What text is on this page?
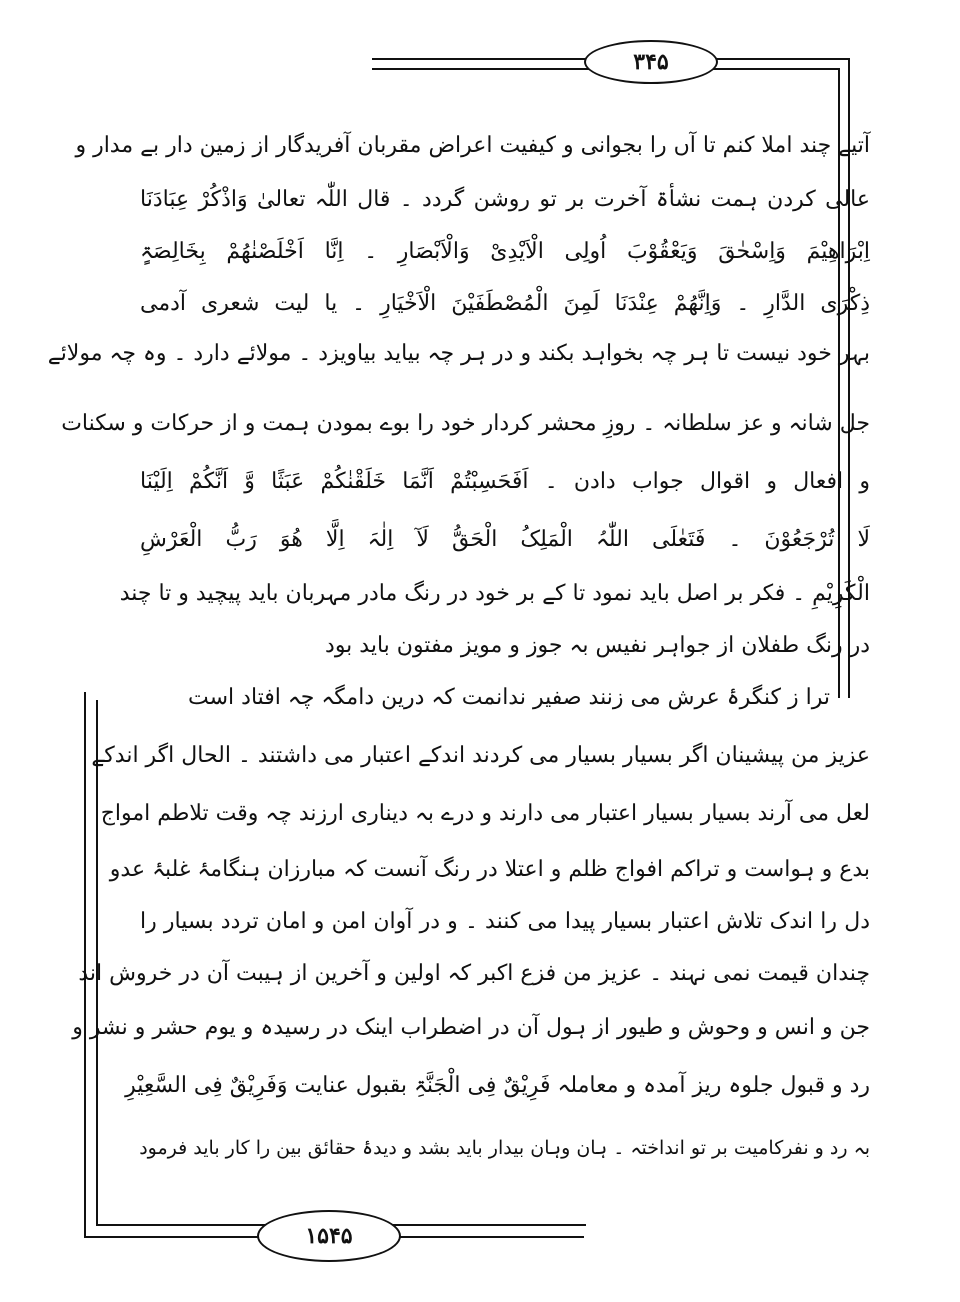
۳۴۵
۱۵۴۵
آتیے چند املا کنم تا آں را بجوانی و کیفیت اعراض مقربان آفریدگار از زمین دار بے مدار و
عالی کردن ہمت نشأۃ آخرت بر تو روشن گردد ۔ قال اللّٰہ تعالیٰ وَاذْکُرْ عِبَادَنَا
اِبْرَاھِیْمَ وَاِسْحٰقَ وَیَعْقُوْبَ اُولِی الْاَیْدِیْ وَالْاَبْصَارِ ۔ اِنَّا اَخْلَصْنٰھُمْ بِخَالِصَۃٍ
ذِکْرَی الدَّارِ ۔ وَاِنَّھُمْ عِنْدَنَا لَمِنَ الْمُصْطَفَیْنَ الْاَخْیَارِ ۔ یا لیت شعری آدمی
بہر خود نیست تا ہر چہ بخواہد بکند و در ہر چہ بیاید بیاویزد ۔ مولائے دارد ۔ وہ چہ مولائے
جل شانہ و عز سلطانہ ۔ روزِ محشر کردار خود را بوے بمودن ہمت و از حرکات و سکنات
و افعال و اقوال جواب دادن ۔ اَفَحَسِبْتُمْ اَنَّمَا خَلَقْنٰکُمْ عَبَثًا وَّ اَنَّکُمْ اِلَیْنَا
لَا تُرْجَعُوْنَ ۔ فَتَعٰلَی اللّٰہُ الْمَلِکُ الْحَقُّ لَآ اِلٰہَ اِلَّا ھُوَ رَبُّ الْعَرْشِ
الْکَرِیْمِ ۔ فکر بر اصل باید نمود تا کے بر خود در رنگ مادر مہربان باید پیچید و تا چند
در رنگ طفلان از جواہر نفیس بہ جوز و مویز مفتون باید بود
ترا ز کنگرۂ عرش می زنند صفیر ندانمت کہ درین دامگہ چہ افتاد است
عزیز من پیشینان اگر بسیار بسیار می کردند اندکے اعتبار می داشتند ۔ الحال اگر اندکے
لعل می آرند بسیار بسیار اعتبار می دارند و درے بہ دیناری ارزند چہ وقت تلاطم امواج
بدع و ہواست و تراکم افواج ظلم و اعتلا در رنگ آنست کہ مبارزان ہنگامۂ غلبۂ عدو
دل را اندک تلاش اعتبار بسیار پیدا می کنند ۔ و در آوان امن و امان تردد بسیار را
چندان قیمت نمی نہند ۔ عزیز من فزع اکبر کہ اولین و آخرین از ہیبت آن در خروش اند
جن و انس و وحوش و طیور از ہول آن در اضطراب اینک در رسیدہ و یوم حشر و نشر و
رد و قبول جلوہ ریز آمدہ و معاملہ فَرِیْقٌ فِی الْجَنَّۃِ بقبول عنایت وَفَرِیْقٌ فِی السَّعِیْرِ
بہ رد و نفرکامیت بر تو انداختہ ۔ ہان وہان بیدار باید بشد و دیدۂ حقائق بین را کار باید فرمود
